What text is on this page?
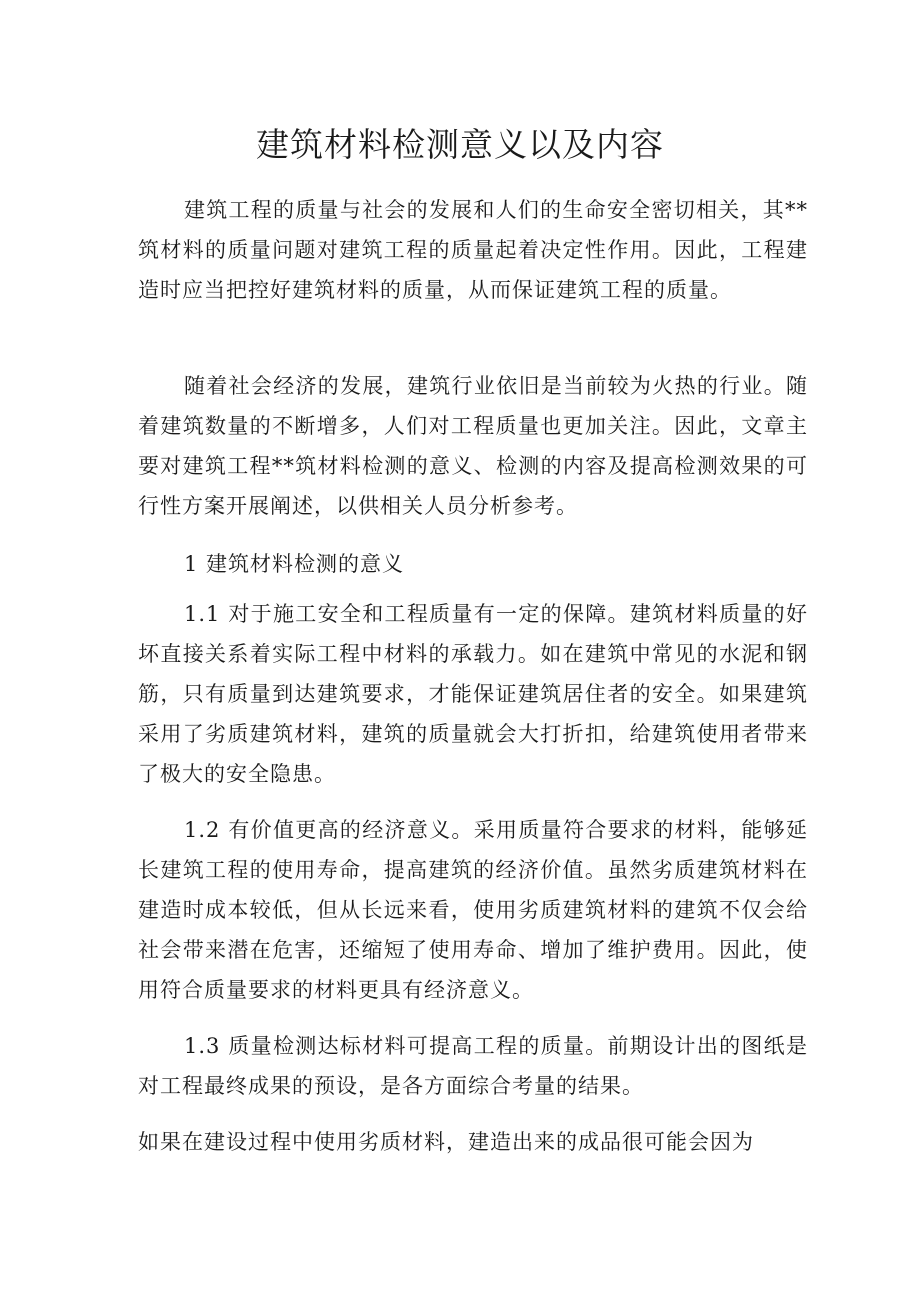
建筑材料检测意义以及内容

建筑工程的质量与社会的发展和人们的生命安全密切相关，其**筑材料的质量问题对建筑工程的质量起着决定性作用。因此，工程建造时应当把控好建筑材料的质量，从而保证建筑工程的质量。

随着社会经济的发展，建筑行业依旧是当前较为火热的行业。随着建筑数量的不断增多，人们对工程质量也更加关注。因此，文章主要对建筑工程**筑材料检测的意义、检测的内容及提高检测效果的可行性方案开展阐述，以供相关人员分析参考。

1 建筑材料检测的意义

1.1 对于施工安全和工程质量有一定的保障。建筑材料质量的好坏直接关系着实际工程中材料的承载力。如在建筑中常见的水泥和钢筋，只有质量到达建筑要求，才能保证建筑居住者的安全。如果建筑采用了劣质建筑材料，建筑的质量就会大打折扣，给建筑使用者带来了极大的安全隐患。

1.2 有价值更高的经济意义。采用质量符合要求的材料，能够延长建筑工程的使用寿命，提高建筑的经济价值。虽然劣质建筑材料在建造时成本较低，但从长远来看，使用劣质建筑材料的建筑不仅会给社会带来潜在危害，还缩短了使用寿命、增加了维护费用。因此，使用符合质量要求的材料更具有经济意义。

1.3 质量检测达标材料可提高工程的质量。前期设计出的图纸是对工程最终成果的预设，是各方面综合考量的结果。

如果在建设过程中使用劣质材料，建造出来的成品很可能会因为
